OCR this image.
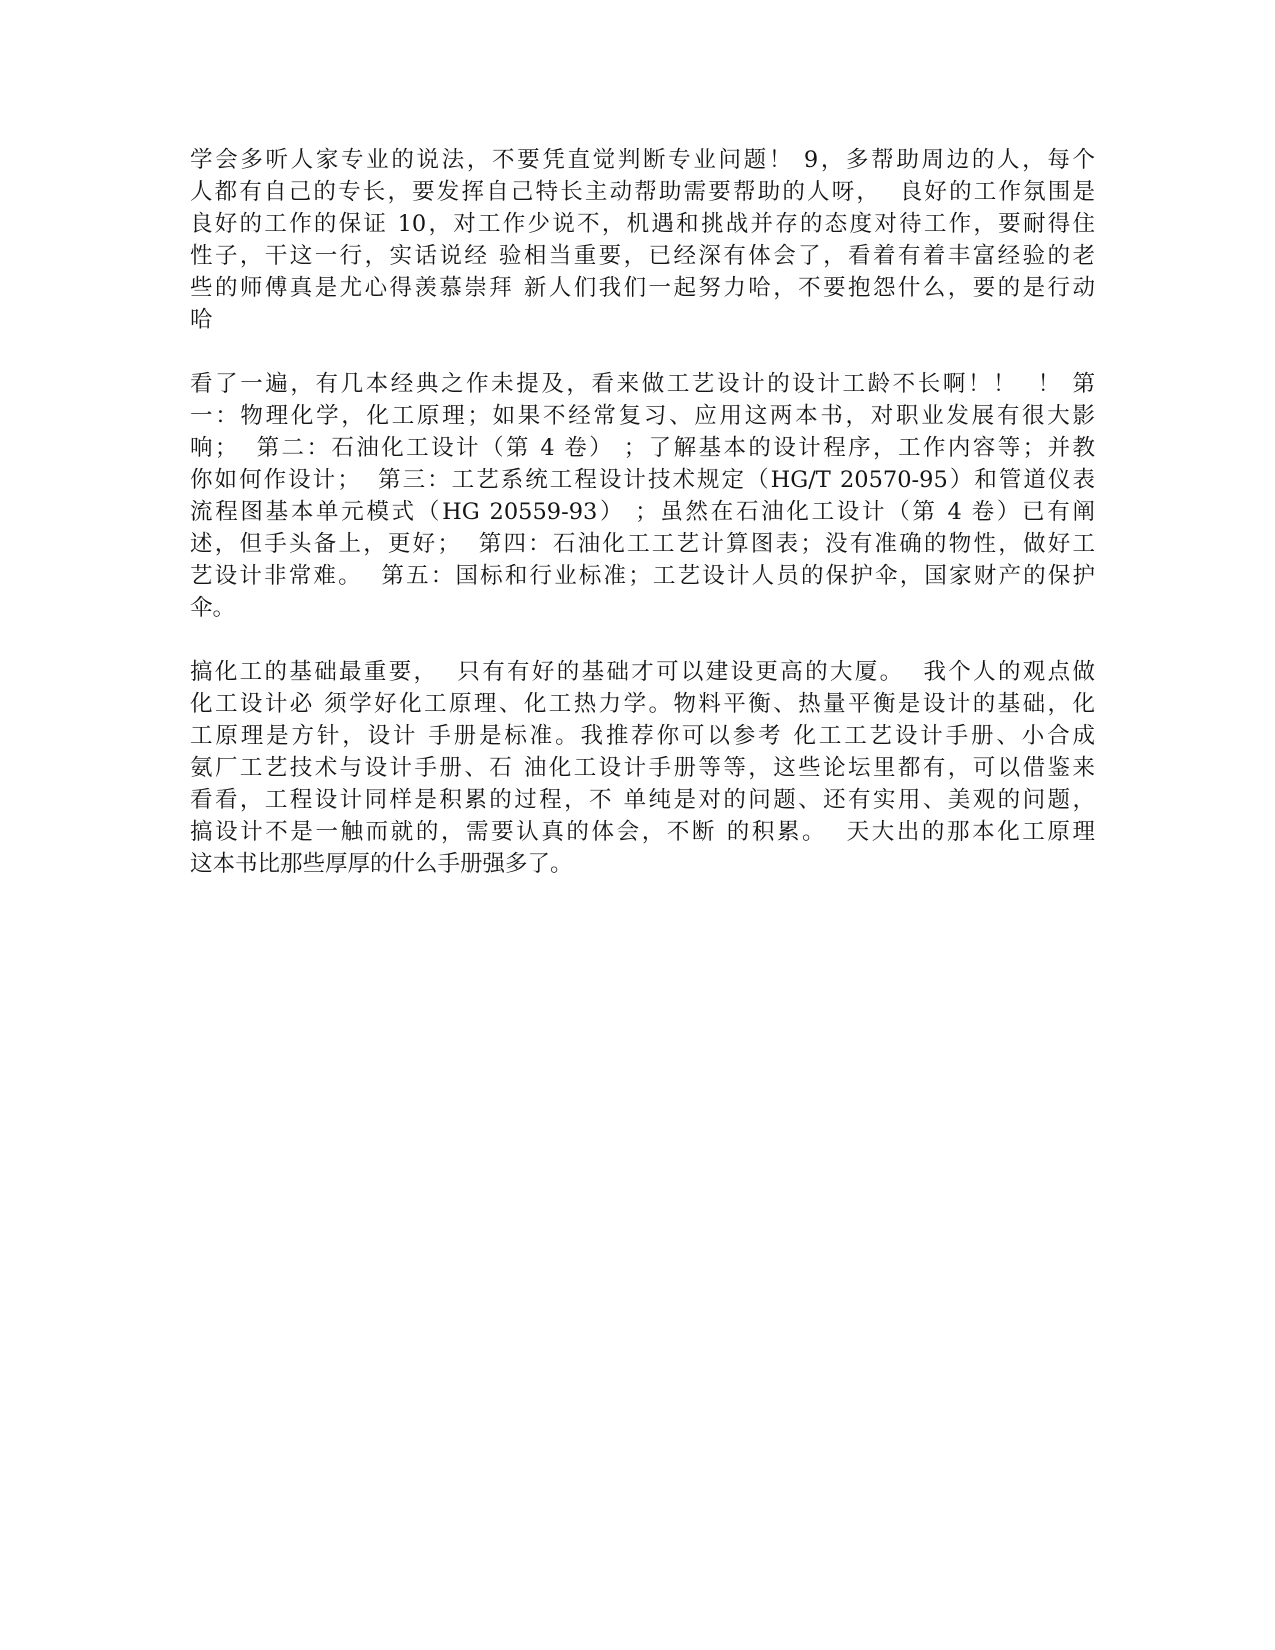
学会多听人家专业的说法，不要凭直觉判断专业问题！ 9，多帮助周边的人，每个
人都有自己的专长，要发挥自己特长主动帮助需要帮助的人呀，  良好的工作氛围是
良好的工作的保证 10，对工作少说不，机遇和挑战并存的态度对待工作，要耐得住
性子，干这一行，实话说经 验相当重要，已经深有体会了，看着有着丰富经验的老
些的师傅真是尤心得羡慕崇拜 新人们我们一起努力哈，不要抱怨什么，要的是行动
哈
看了一遍，有几本经典之作未提及，看来做工艺设计的设计工龄不长啊！！  ！ 第
一：物理化学，化工原理；如果不经常复习、应用这两本书，对职业发展有很大影
响；  第二：石油化工设计（第 4 卷） ；了解基本的设计程序，工作内容等；并教
你如何作设计；  第三：工艺系统工程设计技术规定（HG/T 20570-95）和管道仪表
流程图基本单元模式（HG 20559-93） ；虽然在石油化工设计（第 4 卷）已有阐
述，但手头备上，更好；  第四：石油化工工艺计算图表；没有准确的物性，做好工
艺设计非常难。  第五：国标和行业标准；工艺设计人员的保护伞，国家财产的保护
伞。
搞化工的基础最重要，  只有有好的基础才可以建设更高的大厦。  我个人的观点做
化工设计必 须学好化工原理、化工热力学。物料平衡、热量平衡是设计的基础，化
工原理是方针，设计 手册是标准。我推荐你可以参考 化工工艺设计手册、小合成
氨厂工艺技术与设计手册、石 油化工设计手册等等，这些论坛里都有，可以借鉴来
看看，工程设计同样是积累的过程，不 单纯是对的问题、还有实用、美观的问题，
搞设计不是一触而就的，需要认真的体会，不断 的积累。  天大出的那本化工原理
这本书比那些厚厚的什么手册强多了。
